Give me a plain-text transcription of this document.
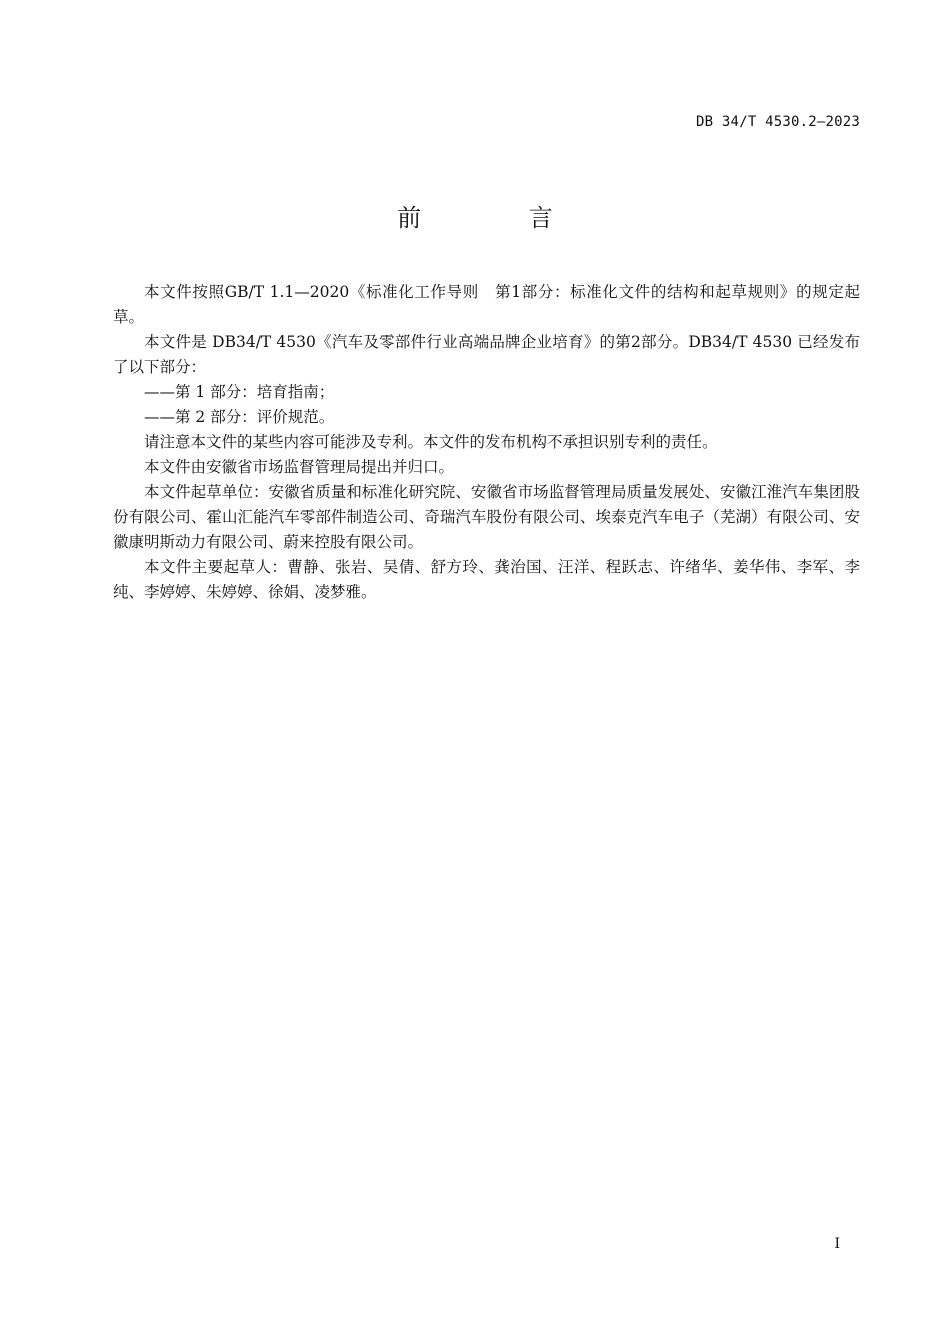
DB 34/T 4530.2—2023
前 言

本文件按照GB/T 1.1—2020《标准化工作导则　第1部分：标准化文件的结构和起草规则》的规定起草。

本文件是 DB34/T 4530《汽车及零部件行业高端品牌企业培育》的第2部分。DB34/T 4530 已经发布了以下部分：

——第 1 部分：培育指南；

——第 2 部分：评价规范。

请注意本文件的某些内容可能涉及专利。本文件的发布机构不承担识别专利的责任。

本文件由安徽省市场监督管理局提出并归口。

本文件起草单位：安徽省质量和标准化研究院、安徽省市场监督管理局质量发展处、安徽江淮汽车集团股份有限公司、霍山汇能汽车零部件制造公司、奇瑞汽车股份有限公司、埃泰克汽车电子（芜湖）有限公司、安徽康明斯动力有限公司、蔚来控股有限公司。

本文件主要起草人：曹静、张岩、吴倩、舒方玲、龚治国、汪洋、程跃志、许绪华、姜华伟、李军、李纯、李婷婷、朱婷婷、徐娟、凌梦雅。

I
